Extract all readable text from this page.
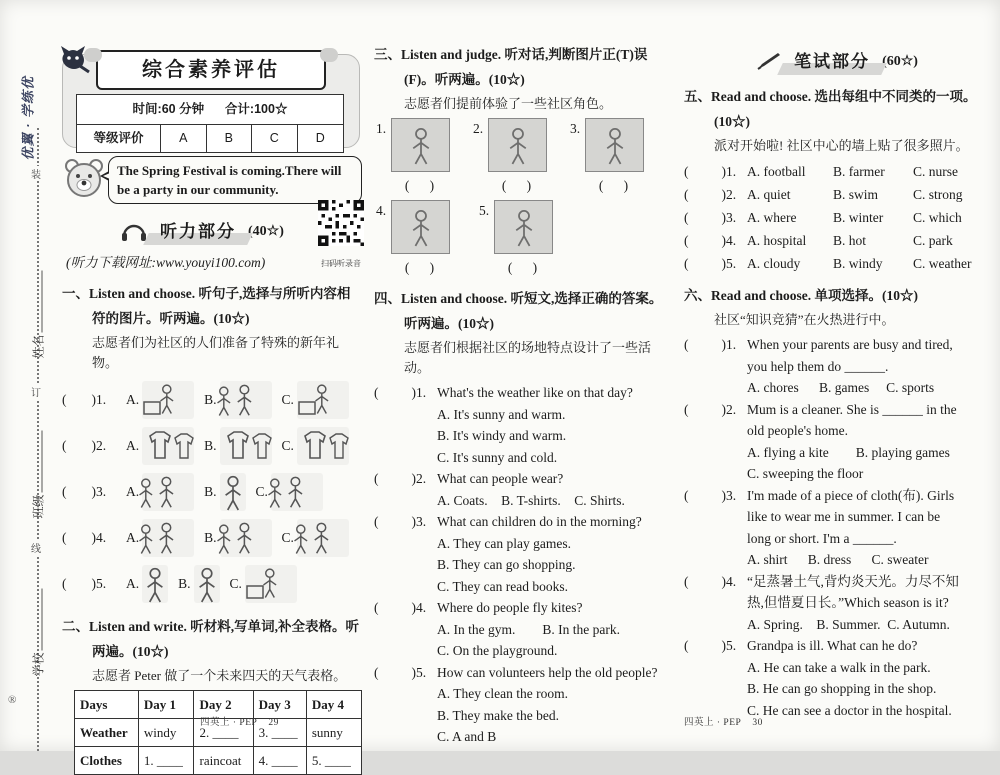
优翼 · 学练优
装
订
线
姓名
班级
学校
®
综合素养评估
时间:60 分钟      合计:100☆
等级评价	A	B	C	D
The Spring Festival is coming.There will be a party in our community.
听力部分 (40☆)
扫码听录音
(听力下载网址:www.youyi100.com)
一、Listen and choose. 听句子,选择与所听内容相符的图片。听两遍。(10☆)
志愿者们为社区的人们准备了特殊的新年礼物。
( ) 1.	A.	B.	C.
( ) 2.	A.	B.	C.
( ) 3.	A.	B.	C.
( ) 4.	A.	B.	C.
( ) 5.	A.	B.	C.
二、Listen and write. 听材料,写单词,补全表格。听两遍。(10☆)
志愿者 Peter 做了一个未来四天的天气表格。
Days	Day 1	Day 2	Day 3	Day 4
Weather	windy	2. ____	3. ____	sunny
Clothes	1. ____	raincoat	4. ____	5. ____
三、Listen and judge. 听对话,判断图片正(T)误(F)。听两遍。(10☆)
志愿者们提前体验了一些社区角色。
1.
(      )
2.
(      )
3.
(      )
4.
(      )
5.
(      )
四、Listen and choose. 听短文,选择正确的答案。听两遍。(10☆)
志愿者们根据社区的场地特点设计了一些活动。
( ) 1. What's the weather like on that day?
A. It's sunny and warm.
B. It's windy and warm.
C. It's sunny and cold.
( ) 2. What can people wear?
A. Coats.    B. T-shirts.    C. Shirts.
( ) 3. What can children do in the morning?
A. They can play games.
B. They can go shopping.
C. They can read books.
( ) 4. Where do people fly kites?
A. In the gym.        B. In the park.
C. On the playground.
( ) 5. How can volunteers help the old people?
A. They clean the room.
B. They make the bed.
C. A and B
笔试部分 (60☆)
五、Read and choose. 选出每组中不同类的一项。(10☆)
派对开始啦! 社区中心的墙上贴了很多照片。
( ) 1. A. football	B. farmer	C. nurse
( ) 2. A. quiet	B. swim	C. strong
( ) 3. A. where	B. winter	C. which
( ) 4. A. hospital	B. hot	C. park
( ) 5. A. cloudy	B. windy	C. weather
六、Read and choose. 单项选择。(10☆)
社区“知识竞猜”在火热进行中。
( ) 1. When your parents are busy and tired,
you help them do ______.
A. chores      B. games     C. sports
( ) 2. Mum is a cleaner. She is ______ in the
old people's home.
A. flying a kite        B. playing games
C. sweeping the floor
( ) 3. I'm made of a piece of cloth(布). Girls
like to wear me in summer. I can be
long or short. I'm a ______.
A. shirt      B. dress      C. sweater
( ) 4. “足蒸暑土气,背灼炎天光。力尽不知
热,但惜夏日长。”Which season is it?
A. Spring.    B. Summer.  C. Autumn.
( ) 5. Grandpa is ill. What can he do?
A. He can take a walk in the park.
B. He can go shopping in the shop.
C. He can see a doctor in the hospital.
四英上 · PEP    29	四英上 · PEP    30
